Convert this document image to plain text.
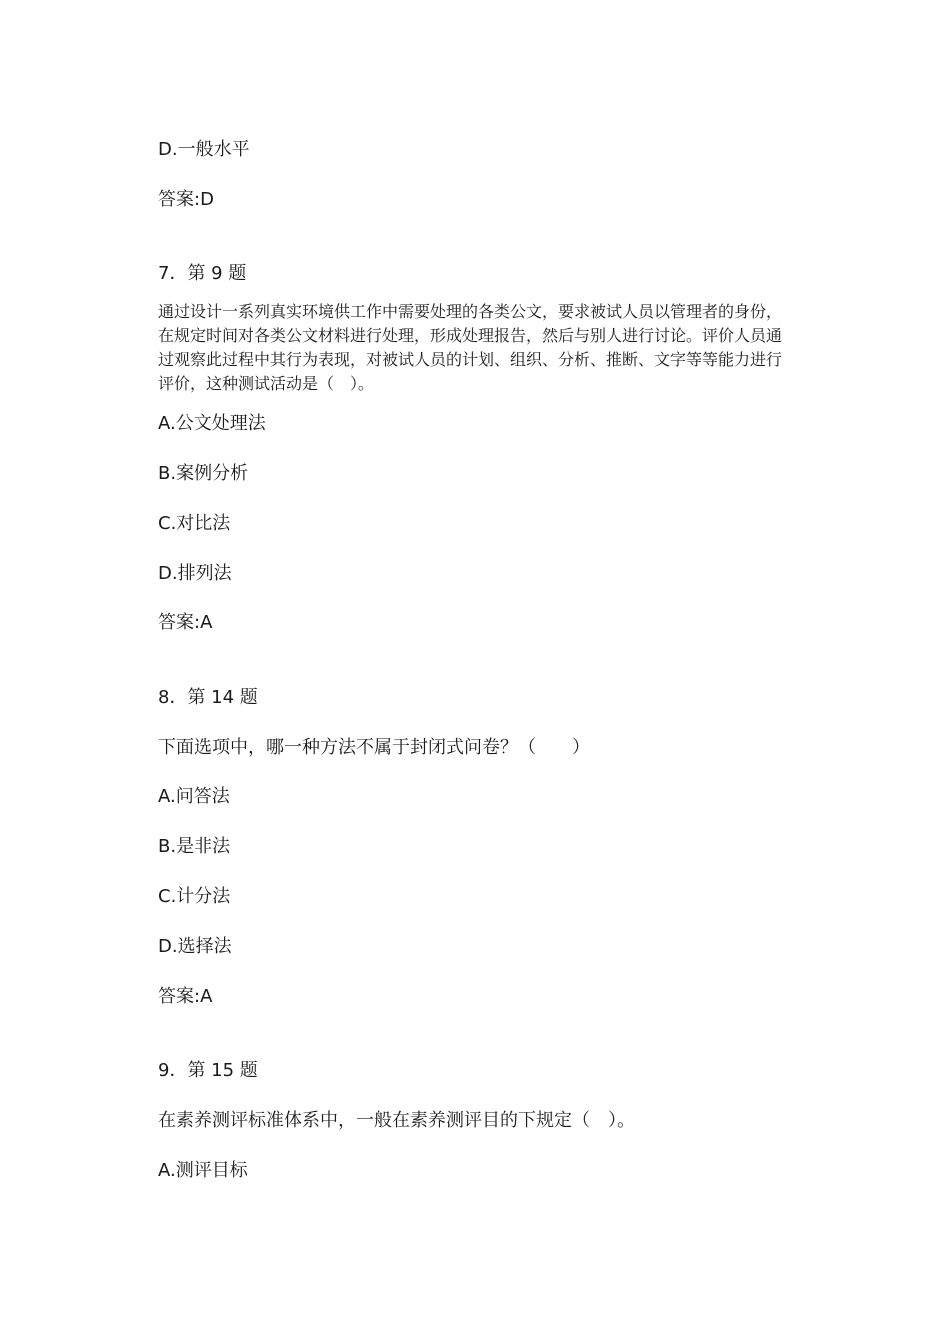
D.一般水平
答案:D
7．第 9 题
通过设计一系列真实环境供工作中需要处理的各类公文，要求被试人员以管理者的身份，在规定时间对各类公文材料进行处理，形成处理报告，然后与别人进行讨论。评价人员通过观察此过程中其行为表现，对被试人员的计划、组织、分析、推断、文字等等能力进行评价，这种测试活动是（　）。
A.公文处理法
B.案例分析
C.对比法
D.排列法
答案:A
8．第 14 题
下面选项中，哪一种方法不属于封闭式问卷？（　　）
A.问答法
B.是非法
C.计分法
D.选择法
答案:A
9．第 15 题
在素养测评标准体系中，一般在素养测评目的下规定（　）。
A.测评目标
